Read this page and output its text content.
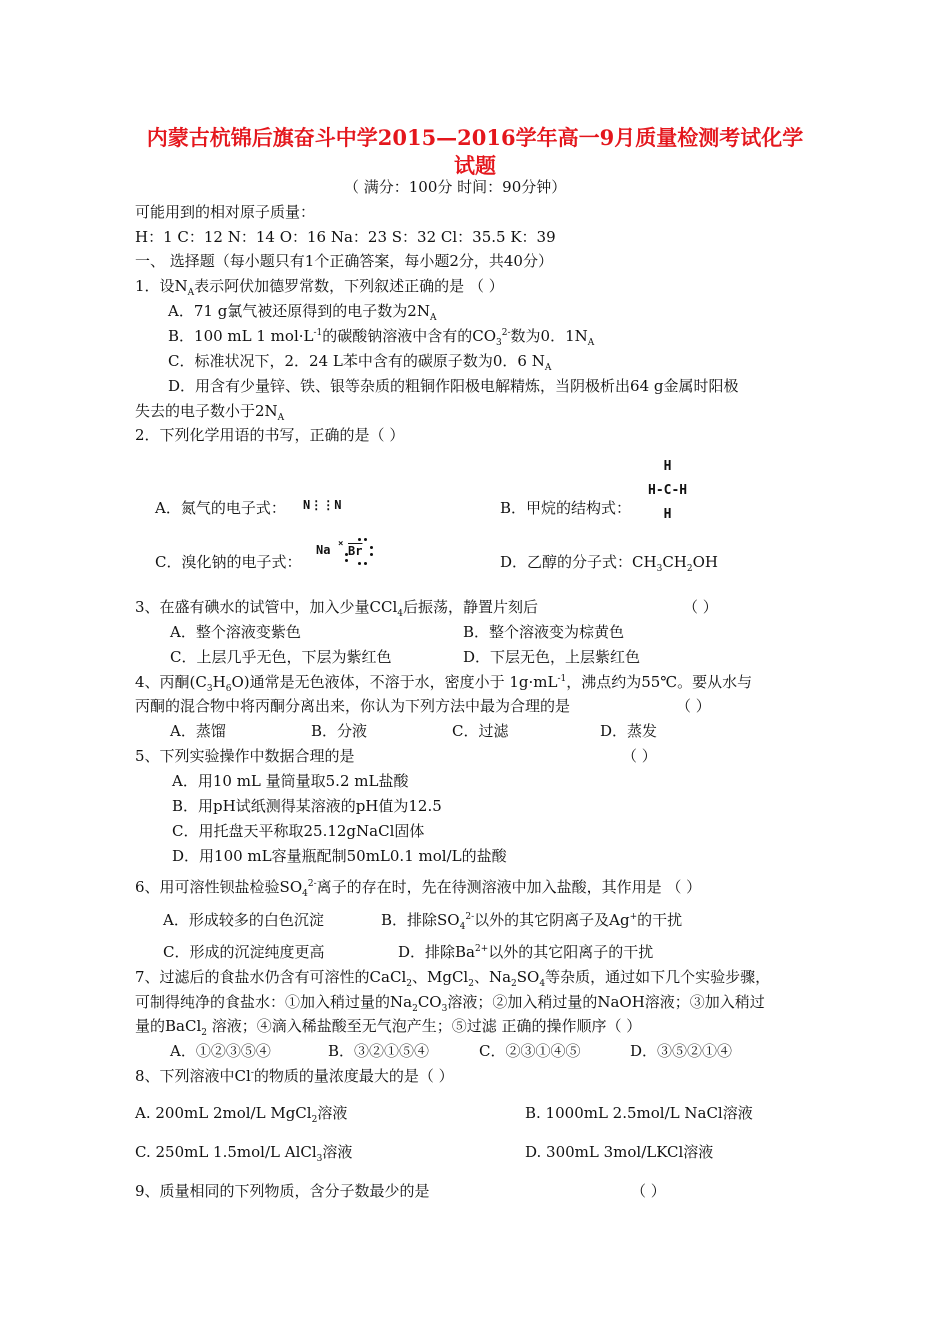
内蒙古杭锦后旗奋斗中学2015—2016学年高一9月质量检测考试化学
试题
（ 满分：100分 时间：90分钟）
可能用到的相对原子质量：
H：1 C：12 N：14 O：16 Na：23 S：32 Cl：35.5 K：39
一、 选择题（每小题只有1个正确答案，每小题2分，共40分）
1．设$N_A$表示阿伏加德罗常数，下列叙述正确的是 （ ）
A．71 g氯气被还原得到的电子数为$2N_A$
B．100 mL 1 $mol\cdot L^{-1}$的碳酸钠溶液中含有的$CO_3^{2-}$数为0．$1N_A$
C．标准状况下，2．24 L苯中含有的碳原子数为0．6 $N_A$
D．用含有少量锌、铁、银等杂质的粗铜作阳极电解精炼，当阴极析出64 g金属时阳极
失去的电子数小于$2N_A$
2．下列化学用语的书写，正确的是（ ）
A．氮气的电子式： N⋮⋮N	B．甲烷的结构式：
H
H-C-H
H
C．溴化钠的电子式：
$Na \times \overline{Br}$
D．乙醇的分子式：$CH_3CH_2OH$
3、在盛有碘水的试管中，加入少量CCl$_4$后振荡，静置片刻后	（ ）
A．整个溶液变紫色	B．整个溶液变为棕黄色
C．上层几乎无色，下层为紫红色	D．下层无色，上层紫红色
4、丙酮$(C_3H_6O)$通常是无色液体，不溶于水，密度小于 $1g\cdot mL^{-1}$，沸点约为55℃。要从水与
丙酮的混合物中将丙酮分离出来，你认为下列方法中最为合理的是	（ ）
A．蒸馏	B．分液	C．过滤	D．蒸发
5、下列实验操作中数据合理的是	（ ）
A．用10 mL 量筒量取5.2 mL盐酸
B．用pH试纸测得某溶液的pH值为12.5
C．用托盘天平称取25.12gNaCl固体
D．用100 mL容量瓶配制50mL0.1 mol/L的盐酸
6、用可溶性钡盐检验$SO_4^{2-}$离子的存在时，先在待测溶液中加入盐酸，其作用是 （ ）
A．形成较多的白色沉淀	B．排除$SO_4^{2-}$以外的其它阴离子及Ag+的干扰
C．形成的沉淀纯度更高	D．排除$Ba^{2+}$以外的其它阳离子的干扰
7、过滤后的食盐水仍含有可溶性的CaCl$_2$、MgCl$_2$、$Na_2SO_4$等杂质，通过如下几个实验步骤，
可制得纯净的食盐水：①加入稍过量的$Na_2CO_3$溶液；②加入稍过量的NaOH溶液；③加入稍过
量的BaCl$_2$ 溶液；④滴入稀盐酸至无气泡产生；⑤过滤 正确的操作顺序（ ）
A．①②③⑤④	B．③②①⑤④	C．②③①④⑤	D．③⑤②①④
8、下列溶液中Cl-的物质的量浓度最大的是（ ）
A. 200mL 2mol/L MgCl$_2$溶液	B. 1000mL 2.5mol/L NaCl溶液
C. 250mL 1.5mol/L AlCl$_3$溶液	D. 300mL 3mol/LKCl溶液
9、质量相同的下列物质，含分子数最少的是	（ ）
